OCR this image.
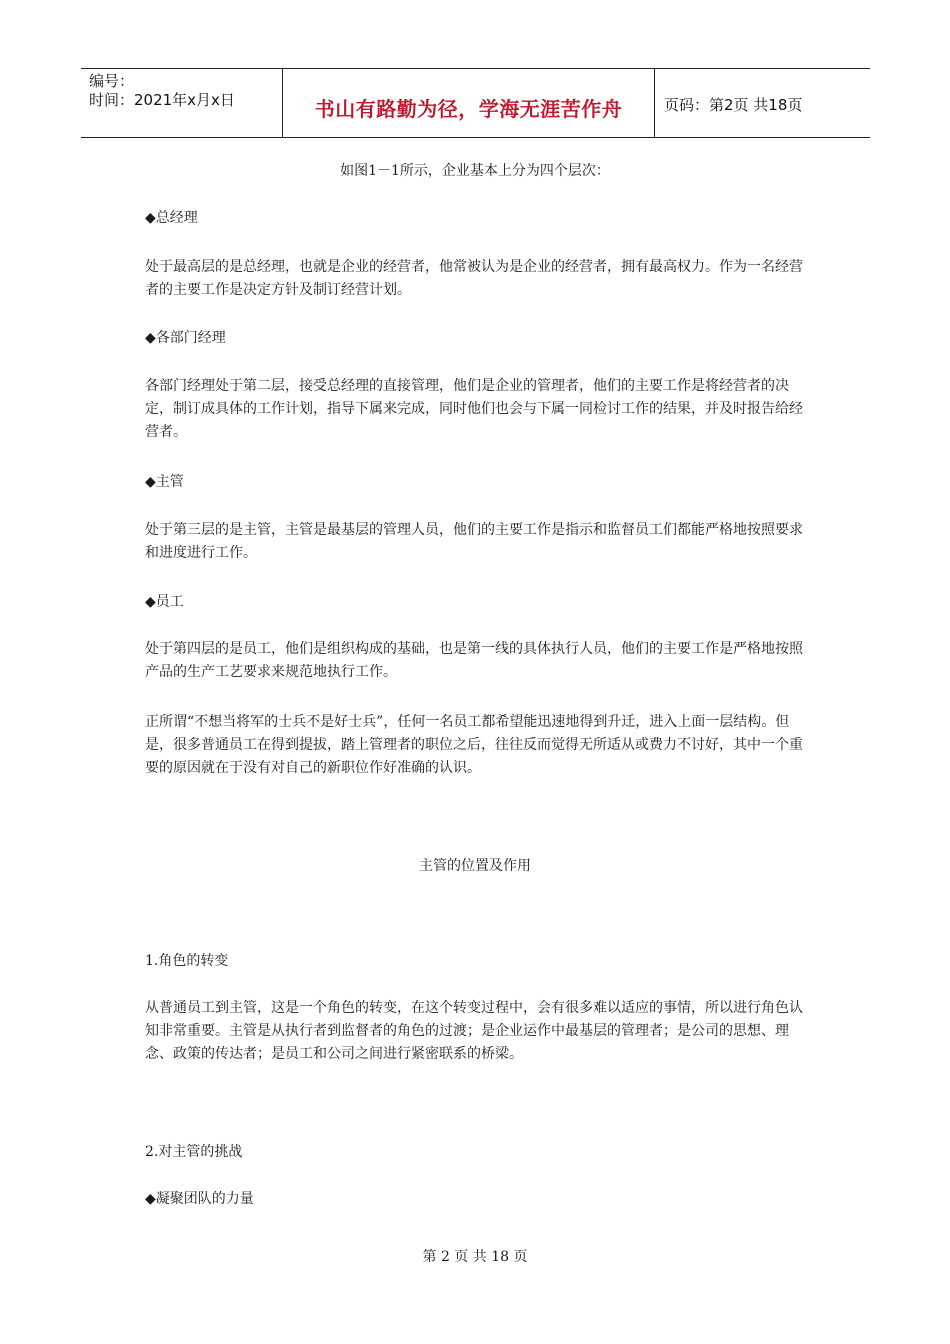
编号：
时间：2021年x月x日	书山有路勤为径，学海无涯苦作舟	页码：第2页 共18页

如图1－1所示，企业基本上分为四个层次：

◆总经理

处于最高层的是总经理，也就是企业的经营者，他常被认为是企业的经营者，拥有最高权力。作为一名经营者的主要工作是决定方针及制订经营计划。

◆各部门经理

各部门经理处于第二层，接受总经理的直接管理，他们是企业的管理者，他们的主要工作是将经营者的决定，制订成具体的工作计划，指导下属来完成，同时他们也会与下属一同检讨工作的结果，并及时报告给经营者。

◆主管

处于第三层的是主管，主管是最基层的管理人员，他们的主要工作是指示和监督员工们都能严格地按照要求和进度进行工作。

◆员工

处于第四层的是员工，他们是组织构成的基础，也是第一线的具体执行人员，他们的主要工作是严格地按照产品的生产工艺要求来规范地执行工作。

正所谓“不想当将军的士兵不是好士兵”，任何一名员工都希望能迅速地得到升迁，进入上面一层结构。但是，很多普通员工在得到提拔，踏上管理者的职位之后，往往反而觉得无所适从或费力不讨好，其中一个重要的原因就在于没有对自己的新职位作好准确的认识。

主管的位置及作用

1.角色的转变

从普通员工到主管，这是一个角色的转变，在这个转变过程中，会有很多难以适应的事情，所以进行角色认知非常重要。主管是从执行者到监督者的角色的过渡；是企业运作中最基层的管理者；是公司的思想、理念、政策的传达者；是员工和公司之间进行紧密联系的桥梁。

2.对主管的挑战

◆凝聚团队的力量

第 2 页 共 18 页
